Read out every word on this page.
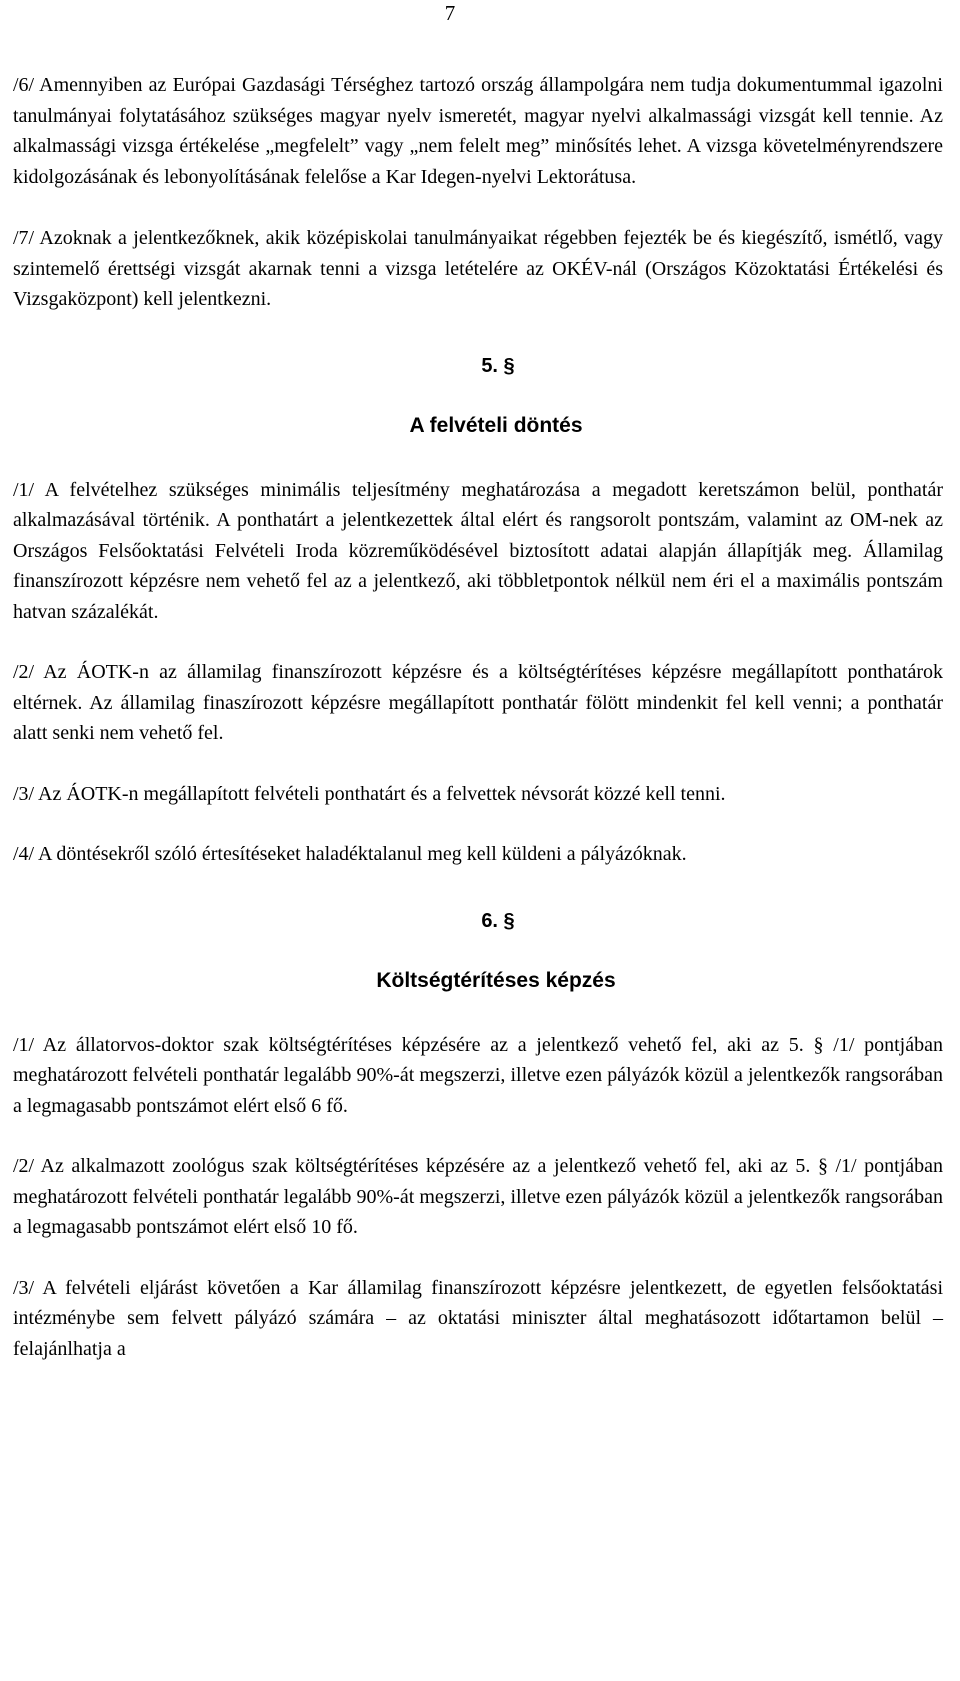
7

/6/ Amennyiben az Európai Gazdasági Térséghez tartozó ország állampolgára nem tudja dokumentummal igazolni tanulmányai folytatásához szükséges magyar nyelv ismeretét, magyar nyelvi alkalmassági vizsgát kell tennie. Az alkalmassági vizsga értékelése „megfelelt” vagy „nem felelt meg” minősítés lehet. A vizsga követelményrendszere kidolgozásának és lebonyolításának felelőse a Kar Idegen-nyelvi Lektorátusa.

/7/ Azoknak a jelentkezőknek, akik középiskolai tanulmányaikat régebben fejezték be és kiegészítő, ismétlő, vagy szintemelő érettségi vizsgát akarnak tenni a vizsga letételére az OKÉV-nál (Országos Közoktatási Értékelési és Vizsgaközpont) kell jelentkezni.

5. §
A felvételi döntés

/1/ A felvételhez szükséges minimális teljesítmény meghatározása a megadott keretszámon belül, ponthatár alkalmazásával történik. A ponthatárt a jelentkezettek által elért és rangsorolt pontszám, valamint az OM-nek az Országos Felsőoktatási Felvételi Iroda közreműködésével biztosított adatai alapján állapítják meg. Államilag finanszírozott képzésre nem vehető fel az a jelentkező, aki többletpontok nélkül nem éri el a maximális pontszám hatvan százalékát.

/2/ Az ÁOTK-n az államilag finanszírozott képzésre és a költségtérítéses képzésre megállapított ponthatárok eltérnek. Az államilag finaszírozott képzésre megállapított ponthatár fölött mindenkit fel kell venni; a ponthatár alatt senki nem vehető fel.

/3/ Az ÁOTK-n megállapított felvételi ponthatárt és a felvettek névsorát közzé kell tenni.

/4/ A döntésekről szóló értesítéseket haladéktalanul meg kell küldeni a pályázóknak.

6. §
Költségtérítéses képzés

/1/ Az állatorvos-doktor szak költségtérítéses képzésére az a jelentkező vehető fel, aki az 5. § /1/ pontjában meghatározott felvételi ponthatár legalább 90%-át megszerzi, illetve ezen pályázók közül a jelentkezők rangsorában a legmagasabb pontszámot elért első 6 fő.

/2/ Az alkalmazott zoológus szak költségtérítéses képzésére az a jelentkező vehető fel, aki az 5. § /1/ pontjában meghatározott felvételi ponthatár legalább 90%-át megszerzi, illetve ezen pályázók közül a jelentkezők rangsorában a legmagasabb pontszámot elért első 10 fő.

/3/ A felvételi eljárást követően a Kar államilag finanszírozott képzésre jelentkezett, de egyetlen felsőoktatási intézménybe sem felvett pályázó számára – az oktatási miniszter által meghatásozott időtartamon belül – felajánlhatja a
